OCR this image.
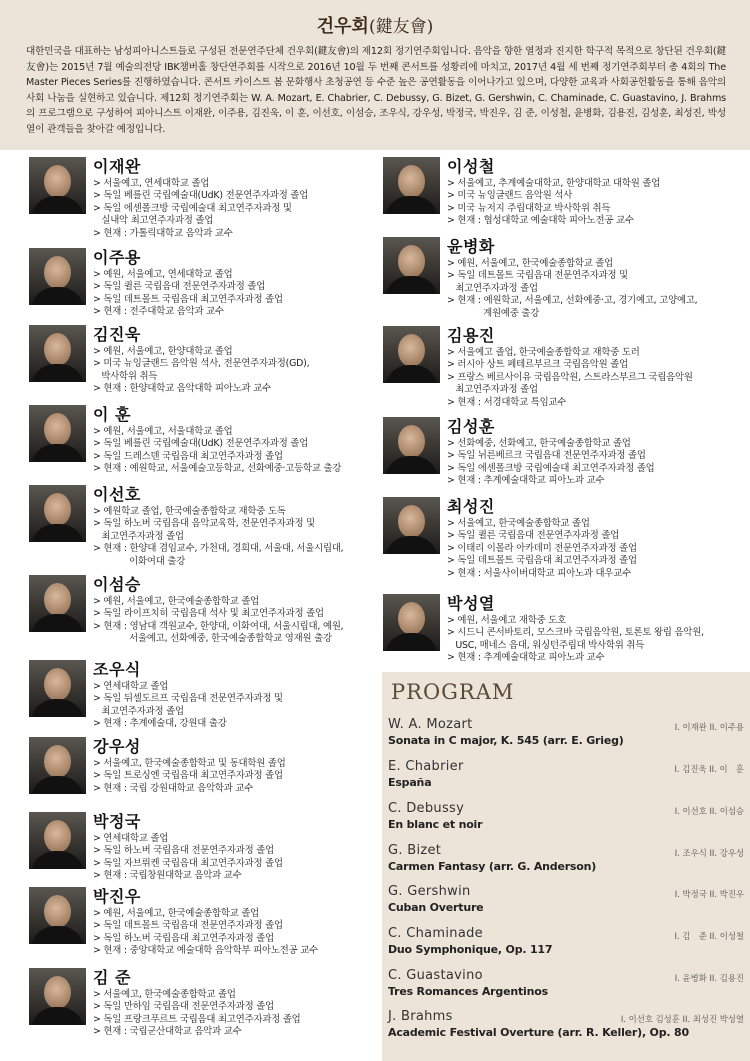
건우회(鍵友會)

대한민국을 대표하는 남성피아니스트들로 구성된 전문연주단체 건우회(鍵友會)의 제12회 정기연주회입니다. 음악을 향한 열정과 진지한 학구적 목적으로 창단된 건우회(鍵友會)는 2015년 7월 예술의전당 IBK챔버홀 창단연주회를 시작으로 2016년 10월 두 번째 콘서트를 성황리에 마치고, 2017년 4월 세 번째 정기연주회부터 총 4회의 The Master Pieces Series를 진행하였습니다. 콘서트 카이스트 봄 문화행사 초청공연 등 수준 높은 공연활동을 이어나가고 있으며, 다양한 교육과 사회공헌활동을 통해 음악의 사회 나눔을 실현하고 있습니다. 제12회 정기연주회는 W. A. Mozart, E. Chabrier, C. Debussy, G. Bizet, G. Gershwin, C. Chaminade, C. Guastavino, J. Brahms의 프로그램으로 구성하여 피아니스트 이재완, 이주용, 김진욱, 이 훈, 이선호, 이섬승, 조우식, 강우성, 박정국, 박진우, 김 준, 이성철, 윤병화, 김용진, 김성훈, 최성진, 박성열이 관객들을 찾아갈 예정입니다.

이재완
> 서울예고, 연세대학교 졸업
> 독일 베를린 국립예술대(UdK) 전문연주자과정 졸업
> 독일 에센폴크방 국립예술대 최고연주자과정 및
실내악 최고연주자과정 졸업
> 현재 : 가톨릭대학교 음악과 교수
이주용
> 예원, 서울예고, 연세대학교 졸업
> 독일 퀼른 국립음대 전문연주자과정 졸업
> 독일 데트몰트 국립음대 최고연주자과정 졸업
> 현재 : 전주대학교 음악과 교수
김진욱
> 예원, 서울예고, 한양대학교 졸업
> 미국 뉴잉글랜드 음악원 석사, 전문연주자과정(GD),
박사학위 취득
> 현재 : 한양대학교 음악대학 피아노과 교수
이 훈
> 예원, 서울예고, 서울대학교 졸업
> 독일 베를린 국립예술대(UdK) 전문연주자과정 졸업
> 독일 드레스덴 국립음대 최고연주자과정 졸업
> 현재 : 예원학교, 서울예술고등학교, 선화예중·고등학교 출강
이선호
> 예원학교 졸업, 한국예술종합학교 재학중 도독
> 독일 하노버 국립음대 음악교육학, 전문연주자과정 및
최고연주자과정 졸업
> 현재 : 한양대 겸임교수, 가천대, 경희대, 서울대, 서울시립대,
이화여대 출강
이섬승
> 예원, 서울예고, 한국예술종합학교 졸업
> 독일 라이프치히 국립음대 석사 및 최고연주자과정 졸업
> 현재 : 영남대 객원교수, 한양대, 이화여대, 서울시립대, 예원,
서울예고, 선화예중, 한국예술종합학교 영재원 출강
조우식
> 연세대학교 졸업
> 독일 뒤셀도르프 국립음대 전문연주자과정 및
최고연주자과정 졸업
> 현재 : 추계예술대, 강원대 출강
강우성
> 서울예고, 한국예술종합학교 및 동대학원 졸업
> 독일 트로싱엔 국립음대 최고연주자과정 졸업
> 현재 : 국립 강원대학교 음악학과 교수
박정국
> 연세대학교 졸업
> 독일 하노버 국립음대 전문연주자과정 졸업
> 독일 자브뤼켄 국립음대 최고연주자과정 졸업
> 현재 : 국립창원대학교 음악과 교수
박진우
> 예원, 서울예고, 한국예술종합학교 졸업
> 독일 데트몰트 국립음대 전문연주자과정 졸업
> 독일 하노버 국립음대 최고연주자과정 졸업
> 현재 : 중앙대학교 예술대학 음악학부 피아노전공 교수
김 준
> 서울예고, 한국예술종합학교 졸업
> 독일 만하임 국립음대 전문연주자과정 졸업
> 독일 프랑크푸르트 국립음대 최고연주자과정 졸업
> 현재 : 국립군산대학교 음악과 교수
이성철
> 서울예고, 추계예술대학교, 한양대학교 대학원 졸업
> 미국 뉴잉글랜드 음악원 석사
> 미국 뉴저지 주립대학교 박사학위 취득
> 현재 : 협성대학교 예술대학 피아노전공 교수
윤병화
> 예원, 서울예고, 한국예술종합학교 졸업
> 독일 데트몰트 국립음대 전문연주자과정 및
최고연주자과정 졸업
> 현재 : 예원학교, 서울예고, 선화예중·고, 경기예고, 고양예고,
계원예중 출강
김용진
> 서울예고 졸업, 한국예술종합학교 재학중 도러
> 러시아 상트 페테르부르크 국립음악원 졸업
> 프랑스 베르사이유 국립음악원, 스트라스부르그 국립음악원
최고연주자과정 졸업
> 현재 : 서경대학교 특임교수
김성훈
> 선화예중, 선화예고, 한국예술종합학교 졸업
> 독일 뉘른베르크 국립음대 전문연주자과정 졸업
> 독일 에센폴크방 국립예술대 최고연주자과정 졸업
> 현재 : 추계예술대학교 피아노과 교수
최성진
> 서울예고, 한국예술종합학교 졸업
> 독일 퀼른 국립음대 전문연주자과정 졸업
> 이태리 이몰라 아카데미 전문연주자과정 졸업
> 독일 데트몰트 국립음대 최고연주자과정 졸업
> 현재 : 서울사이버대학교 피아노과 대우교수
박성열
> 예원, 서울예고 재학중 도호
> 시드니 콘서바토리, 모스크바 국립음악원, 토론토 왕립 음악원,
USC, 매네스 음대, 워싱턴주립대 박사학위 취득
> 현재 : 추계예술대학교 피아노과 교수
PROGRAM
W. A. Mozart	I. 이재완 II. 이주용
Sonata in C major, K. 545 (arr. E. Grieg)
E. Chabrier	I. 김진욱 II. 이　훈
España
C. Debussy	I. 이선호 II. 이섬승
En blanc et noir
G. Bizet	I. 조우식 II. 강우성
Carmen Fantasy (arr. G. Anderson)
G. Gershwin	I. 박정국 II. 박진우
Cuban Overture
C. Chaminade	I. 김　준 II. 이성철
Duo Symphonique, Op. 117
C. Guastavino	I. 윤병화 II. 김용진
Tres Romances Argentinos
J. Brahms	I. 이선호 김성훈 II. 최성진 박성열
Academic Festival Overture (arr. R. Keller), Op. 80
